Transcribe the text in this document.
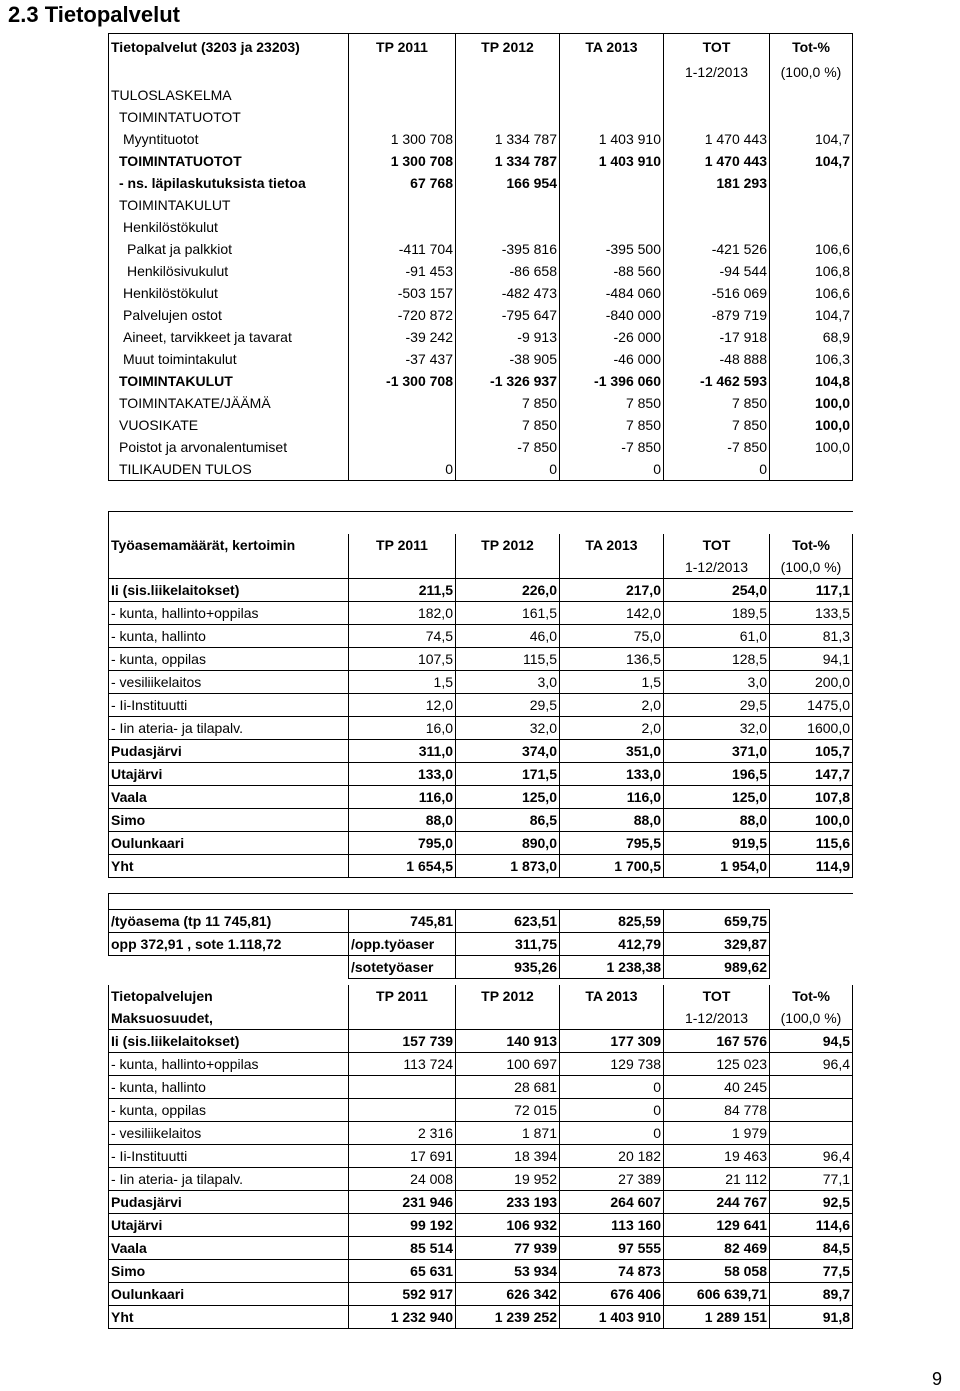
2.3 Tietopalvelut
Tietopalvelut (3203 ja 23203)	TP 2011	TP 2012	TA 2013	TOT	Tot-%
				1-12/2013	(100,0 %)
TULOSLASKELMA					
TOIMINTATUOTOT					
Myyntituotot	1 300 708	1 334 787	1 403 910	1 470 443	104,7
TOIMINTATUOTOT	1 300 708	1 334 787	1 403 910	1 470 443	104,7
- ns. läpilaskutuksista tietoa	67 768	166 954		181 293	
TOIMINTAKULUT					
Henkilöstökulut					
Palkat ja palkkiot	-411 704	-395 816	-395 500	-421 526	106,6
Henkilösivukulut	-91 453	-86 658	-88 560	-94 544	106,8
Henkilöstökulut	-503 157	-482 473	-484 060	-516 069	106,6
Palvelujen ostot	-720 872	-795 647	-840 000	-879 719	104,7
Aineet, tarvikkeet ja tavarat	-39 242	-9 913	-26 000	-17 918	68,9
Muut toimintakulut	-37 437	-38 905	-46 000	-48 888	106,3
TOIMINTAKULUT	-1 300 708	-1 326 937	-1 396 060	-1 462 593	104,8
TOIMINTAKATE/JÄÄMÄ		7 850	7 850	7 850	100,0
VUOSIKATE		7 850	7 850	7 850	100,0
Poistot ja arvonalentumiset		-7 850	-7 850	-7 850	100,0
TILIKAUDEN TULOS	0	0	0	0	

Työasemamäärät, kertoimin	TP 2011	TP 2012	TA 2013	TOT	Tot-%
				1-12/2013	(100,0 %)
Ii (sis.liikelaitokset)	211,5	226,0	217,0	254,0	117,1
- kunta, hallinto+oppilas	182,0	161,5	142,0	189,5	133,5
- kunta, hallinto	74,5	46,0	75,0	61,0	81,3
- kunta, oppilas	107,5	115,5	136,5	128,5	94,1
- vesiliikelaitos	1,5	3,0	1,5	3,0	200,0
- Ii-Instituutti	12,0	29,5	2,0	29,5	1475,0
- Iin ateria- ja tilapalv.	16,0	32,0	2,0	32,0	1600,0
Pudasjärvi	311,0	374,0	351,0	371,0	105,7
Utajärvi	133,0	171,5	133,0	196,5	147,7
Vaala	116,0	125,0	116,0	125,0	107,8
Simo	88,0	86,5	88,0	88,0	100,0
Oulunkaari	795,0	890,0	795,5	919,5	115,6
Yht	1 654,5	1 873,0	1 700,5	1 954,0	114,9

/työasema (tp 11 745,81)	745,81	623,51	825,59	659,75	
opp 372,91 , sote 1.118,72	/opp.työaser	311,75	412,79	329,87	
	/sotetyöaser	935,26	1 238,38	989,62	
Tietopalvelujen	TP 2011	TP 2012	TA 2013	TOT	Tot-%
Maksuosuudet,				1-12/2013	(100,0 %)
Ii (sis.liikelaitokset)	157 739	140 913	177 309	167 576	94,5
- kunta, hallinto+oppilas	113 724	100 697	129 738	125 023	96,4
- kunta, hallinto		28 681	0	40 245	
- kunta, oppilas		72 015	0	84 778	
- vesiliikelaitos	2 316	1 871	0	1 979	
- Ii-Instituutti	17 691	18 394	20 182	19 463	96,4
- Iin ateria- ja tilapalv.	24 008	19 952	27 389	21 112	77,1
Pudasjärvi	231 946	233 193	264 607	244 767	92,5
Utajärvi	99 192	106 932	113 160	129 641	114,6
Vaala	85 514	77 939	97 555	82 469	84,5
Simo	65 631	53 934	74 873	58 058	77,5
Oulunkaari	592 917	626 342	676 406	606 639,71	89,7
Yht	1 232 940	1 239 252	1 403 910	1 289 151	91,8
9
